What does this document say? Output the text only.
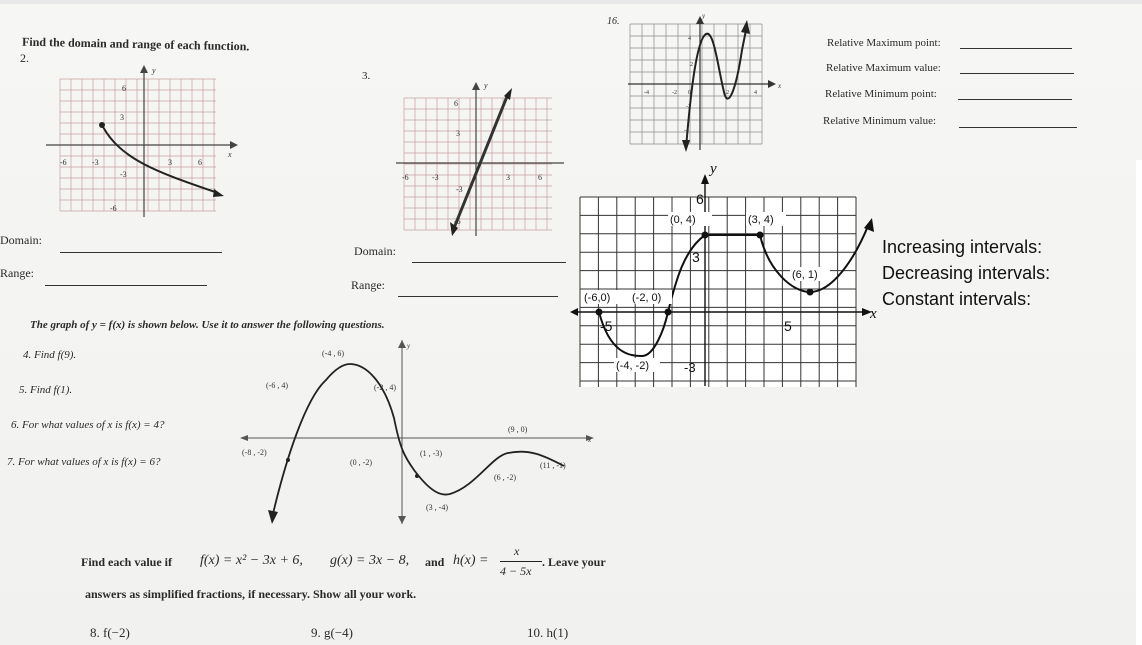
Find the domain and range of each function.
2.
3.
y
x
6
3
-6	-3	3	6
-3
-6
y
6
3
-6	-3	3	6
-3
-6
Domain:
Range:
Domain:
Range:
16.	y
x
4
2
-4	-2 0	2	4
-2
-4
Relative Maximum point:
Relative Maximum value:
Relative Minimum point:
Relative Minimum value:
y
x
6
3
-3
-5	5
(0, 4)	(3, 4)
(6, 1)
(-6,0) (-2, 0)
(-4, -2)
Increasing intervals:
Decreasing intervals:
Constant intervals:
The graph of y = f(x) is shown below. Use it to answer the following questions.
4. Find f(9).
5. Find f(1).
6. For what values of x is f(x) = 4?
7. For what values of x is f(x) = 6?
(-4 , 6)
(-6 , 4)	(-2 , 4)
y
x
(9 , 0)
(-8 , -2)
(0 , -2)
(1 , -3)
(11 , -1)
(6 , -2)
(3 , -4)
Find each value if f(x) = x² − 3x + 6, g(x) = 3x − 8, and h(x) =
x
4 − 5x
. Leave your
answers as simplified fractions, if necessary. Show all your work.
8. f(−2)	9. g(−4)	10. h(1)
